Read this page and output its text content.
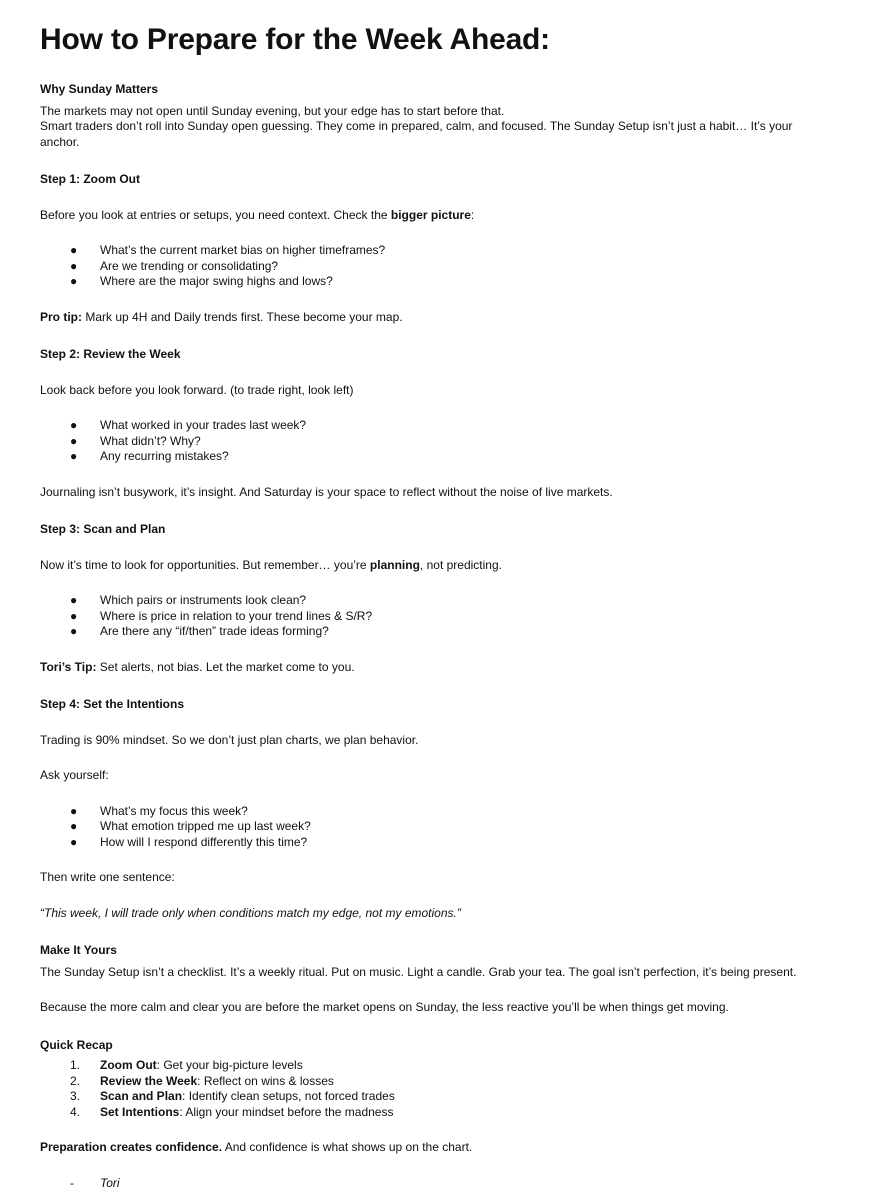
How to Prepare for the Week Ahead:

Why Sunday Matters

The markets may not open until Sunday evening, but your edge has to start before that.

Smart traders don’t roll into Sunday open guessing. They come in prepared, calm, and focused. The Sunday Setup isn’t just a habit… It’s your anchor.

Step 1: Zoom Out

Before you look at entries or setups, you need context. Check the bigger picture:

● What’s the current market bias on higher timeframes?
● Are we trending or consolidating?
● Where are the major swing highs and lows?

Pro tip: Mark up 4H and Daily trends first. These become your map.

Step 2: Review the Week

Look back before you look forward. (to trade right, look left)

● What worked in your trades last week?
● What didn’t? Why?
● Any recurring mistakes?

Journaling isn’t busywork, it’s insight. And Saturday is your space to reflect without the noise of live markets.

Step 3: Scan and Plan

Now it’s time to look for opportunities. But remember… you’re planning, not predicting.

● Which pairs or instruments look clean?
● Where is price in relation to your trend lines & S/R?
● Are there any “if/then” trade ideas forming?

Tori’s Tip: Set alerts, not bias. Let the market come to you.

Step 4: Set the Intentions

Trading is 90% mindset. So we don’t just plan charts, we plan behavior.

Ask yourself:

● What’s my focus this week?
● What emotion tripped me up last week?
● How will I respond differently this time?

Then write one sentence:

“This week, I will trade only when conditions match my edge, not my emotions.”

Make It Yours

The Sunday Setup isn’t a checklist. It’s a weekly ritual. Put on music. Light a candle. Grab your tea. The goal isn’t perfection, it’s being present.

Because the more calm and clear you are before the market opens on Sunday, the less reactive you’ll be when things get moving.

Quick Recap

1. Zoom Out: Get your big-picture levels
2. Review the Week: Reflect on wins & losses
3. Scan and Plan: Identify clean setups, not forced trades
4. Set Intentions: Align your mindset before the madness

Preparation creates confidence. And confidence is what shows up on the chart.

- Tori
